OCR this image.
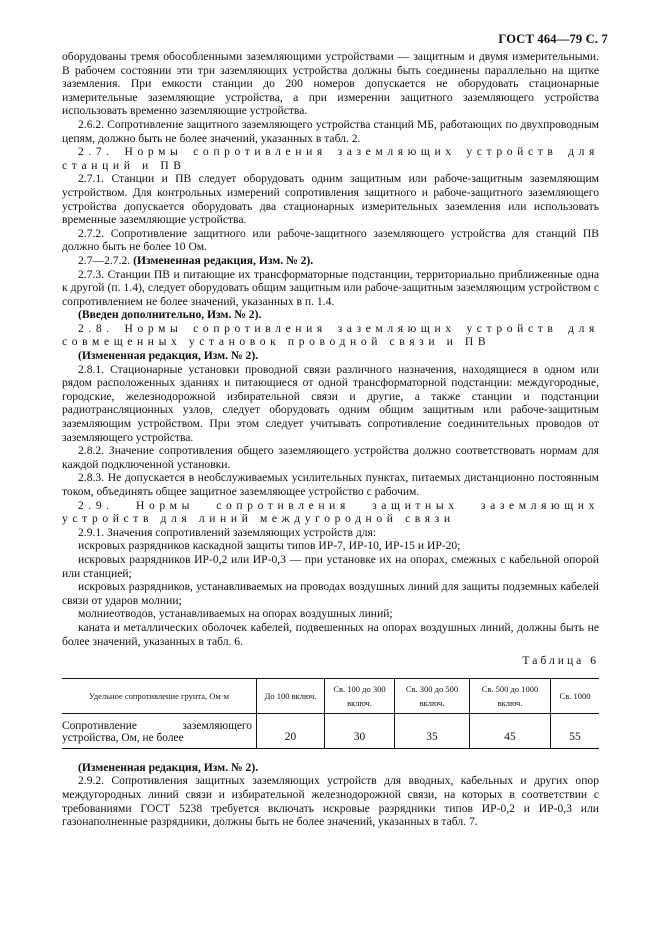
ГОСТ 464—79 С. 7

оборудованы тремя обособленными заземляющими устройствами — защитным и двумя измерительными. В рабочем состоянии эти три заземляющих устройства должны быть соединены параллельно на щитке заземления. При емкости станции до 200 номеров допускается не оборудовать стационарные измерительные заземляющие устройства, а при измерении защитного заземляющего устройства использовать временно заземляющие устройства.

2.6.2. Сопротивление защитного заземляющего устройства станций МБ, работающих по двухпроводным цепям, должно быть не более значений, указанных в табл. 2.

2.7. Нормы сопротивления заземляющих устройств для станций и ПВ

2.7.1. Станции и ПВ следует оборудовать одним защитным или рабоче-защитным заземляющим устройством. Для контрольных измерений сопротивления защитного и рабоче-защитного заземляющего устройства допускается оборудовать два стационарных измерительных заземления или использовать временные заземляющие устройства.

2.7.2. Сопротивление защитного или рабоче-защитного заземляющего устройства для станций ПВ должно быть не более 10 Ом.

2.7—2.7.2. (Измененная редакция, Изм. № 2).

2.7.3. Станции ПВ и питающие их трансформаторные подстанции, территориально приближенные одна к другой (п. 1.4), следует оборудовать общим защитным или рабоче-защитным заземляющим устройством с сопротивлением не более значений, указанных в п. 1.4.

(Введен дополнительно, Изм. № 2).

2.8. Нормы сопротивления заземляющих устройств для совмещенных установок проводной связи и ПВ

(Измененная редакция, Изм. № 2).

2.8.1. Стационарные установки проводной связи различного назначения, находящиеся в одном или рядом расположенных зданиях и питающиеся от одной трансформаторной подстанции: междугородные, городские, железнодорожной избирательной связи и другие, а также станции и подстанции радиотрансляционных узлов, следует оборудовать одним общим защитным или рабоче-защитным заземляющим устройством. При этом следует учитывать сопротивление соединительных проводов от заземляющего устройства.

2.8.2. Значение сопротивления общего заземляющего устройства должно соответствовать нормам для каждой подключенной установки.

2.8.3. Не допускается в необслуживаемых усилительных пунктах, питаемых дистанционно постоянным током, объединять общее защитное заземляющее устройство с рабочим.

2.9. Нормы сопротивления защитных заземляющих устройств для линий междугородной связи

2.9.1. Значения сопротивлений заземляющих устройств для:

искровых разрядников каскадной защиты типов ИР-7, ИР-10, ИР-15 и ИР-20;

искровых разрядников ИР-0,2 или ИР-0,3 — при установке их на опорах, смежных с кабельной опорой или станцией;

искровых разрядников, устанавливаемых на проводах воздушных линий для защиты подземных кабелей связи от ударов молнии;

молниеотводов, устанавливаемых на опорах воздушных линий;

каната и металлических оболочек кабелей, подвешенных на опорах воздушных линий, должны быть не более значений, указанных в табл. 6.

Таблица 6

Удельное сопротивление грунта, Ом·м	До 100 включ.	Св. 100 до 300 включ.	Св. 300 до 500 включ.	Св. 500 до 1000 включ.	Св. 1000
Сопротивление заземляющего устройства, Ом, не более	20	30	35	45	55

(Измененная редакция, Изм. № 2).

2.9.2. Сопротивления защитных заземляющих устройств для вводных, кабельных и других опор междугородных линий связи и избирательной железнодорожной связи, на которых в соответствии с требованиями ГОСТ 5238 требуется включать искровые разрядники типов ИР-0,2 и ИР-0,3 или газонаполненные разрядники, должны быть не более значений, указанных в табл. 7.
